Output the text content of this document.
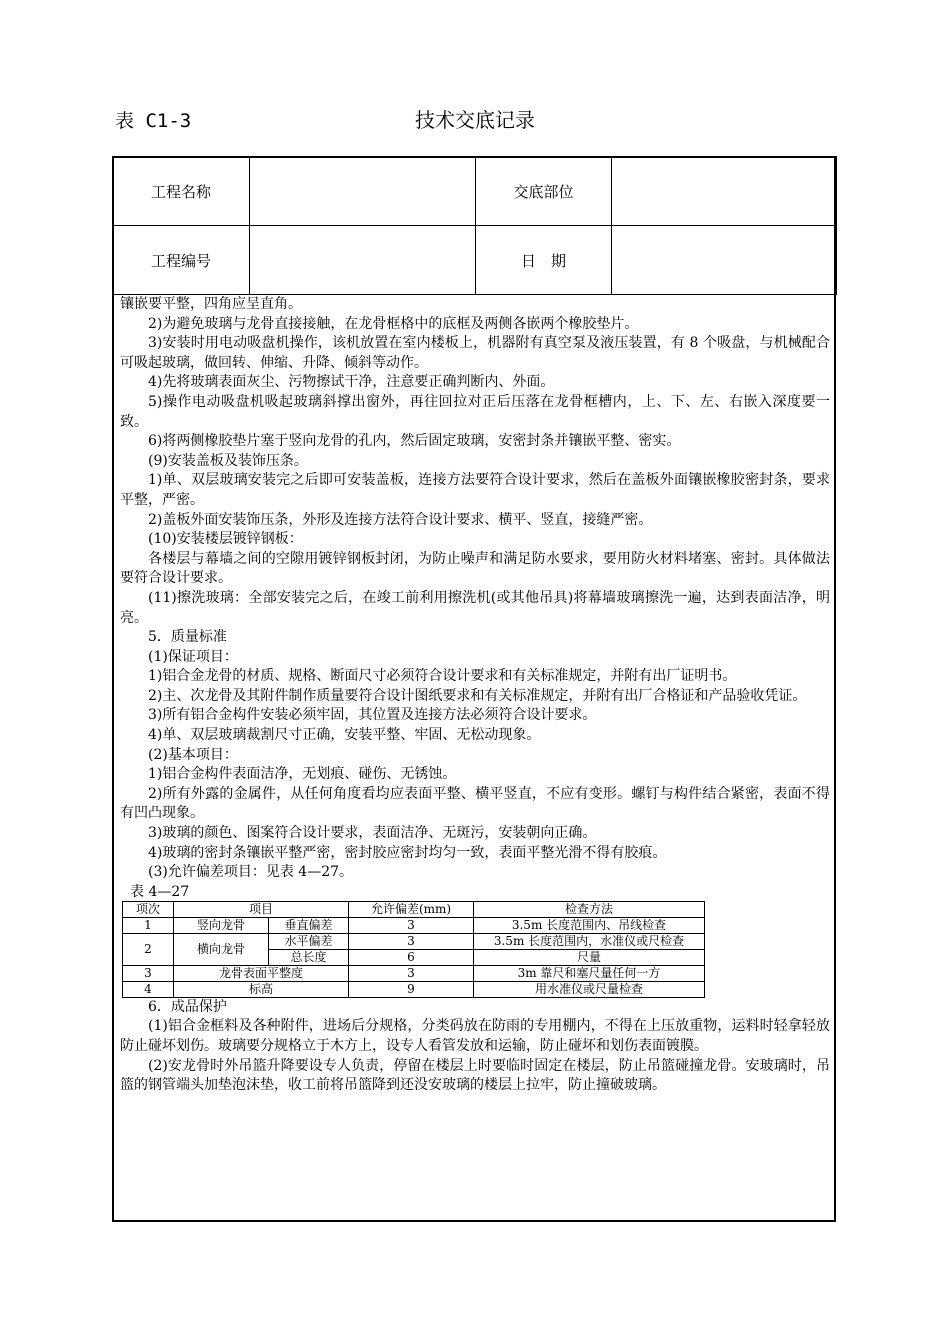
表 C1-3	技术交底记录
工程名称		交底部位	
工程编号		日　期	

镶嵌要平整，四角应呈直角。

2)为避免玻璃与龙骨直接接触，在龙骨框格中的底框及两侧各嵌两个橡胶垫片。

3)安装时用电动吸盘机操作，该机放置在室内楼板上，机器附有真空泵及液压装置，有 8 个吸盘，与机械配合可吸起玻璃，做回转、伸缩、升降、倾斜等动作。

4)先将玻璃表面灰尘、污物擦试干净，注意要正确判断内、外面。

5)操作电动吸盘机吸起玻璃斜撑出窗外，再往回拉对正后压落在龙骨框槽内，上、下、左、右嵌入深度要一致。

6)将两侧橡胶垫片塞于竖向龙骨的孔内，然后固定玻璃，安密封条并镶嵌平整、密实。

(9)安装盖板及装饰压条。

1)单、双层玻璃安装完之后即可安装盖板，连接方法要符合设计要求，然后在盖板外面镶嵌橡胶密封条，要求平整，严密。

2)盖板外面安装饰压条，外形及连接方法符合设计要求、横平、竖直，接缝严密。

(10)安装楼层镀锌钢板：

各楼层与幕墙之间的空隙用镀锌钢板封闭，为防止噪声和满足防水要求，要用防火材料堵塞、密封。具体做法要符合设计要求。

(11)擦洗玻璃：全部安装完之后，在竣工前利用擦洗机(或其他吊具)将幕墙玻璃擦洗一遍，达到表面洁净，明亮。

5．质量标准

(1)保证项目：

1)铝合金龙骨的材质、规格、断面尺寸必须符合设计要求和有关标准规定，并附有出厂证明书。

2)主、次龙骨及其附件制作质量要符合设计图纸要求和有关标准规定，并附有出厂合格证和产品验收凭证。

3)所有铝合金构件安装必须牢固，其位置及连接方法必须符合设计要求。

4)单、双层玻璃裁割尺寸正确，安装平整、牢固、无松动现象。

(2)基本项目：

1)铝合金构件表面洁净，无划痕、碰伤、无锈蚀。

2)所有外露的金属件，从任何角度看均应表面平整、横平竖直，不应有变形。螺钉与构件结合紧密，表面不得有凹凸现象。

3)玻璃的颜色、图案符合设计要求，表面洁净、无斑污，安装朝向正确。

4)玻璃的密封条镶嵌平整严密，密封胶应密封均匀一致，表面平整光滑不得有胶痕。

(3)允许偏差项目：见表 4—27。

表 4—27

项次	项目		允许偏差(mm)	检查方法
1	竖向龙骨	垂直偏差	3	3.5m 长度范围内、吊线检查
2	横向龙骨	水平偏差	3	3.5m 长度范围内，水准仪或尺检查
		总长度	6	尺量
3	龙骨表面平整度		3	3m 靠尺和塞尺量任何一方
4	标高		9	用水准仪或尺量检查

6．成品保护

(1)铝合金框料及各种附件，进场后分规格，分类码放在防雨的专用棚内，不得在上压放重物，运料时轻拿轻放防止碰坏划伤。玻璃要分规格立于木方上，设专人看管发放和运输，防止碰坏和划伤表面镀膜。

(2)安龙骨时外吊篮升降要设专人负责，停留在楼层上时要临时固定在楼层，防止吊篮碰撞龙骨。安玻璃时，吊篮的钢管端头加垫泡沫垫，收工前将吊篮降到还没安玻璃的楼层上拉牢，防止撞破玻璃。
